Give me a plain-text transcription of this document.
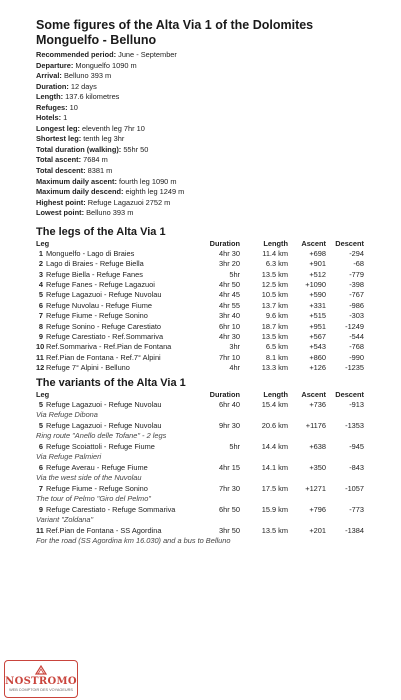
Some figures of the Alta Via 1 of the Dolomites
Monguelfo - Belluno
Recommended period: June - September
Departure: Monguelfo 1090 m
Arrival: Belluno 393 m
Duration: 12 days
Length: 137.6 kilometres
Refuges: 10
Hotels: 1
Longest leg: eleventh leg 7hr 10
Shortest leg: tenth leg 3hr
Total duration (walking): 55hr 50
Total ascent: 7684 m
Total descent: 8381 m
Maximum daily ascent: fourth leg 1090 m
Maximum daily descend: eighth leg 1249 m
Highest point: Refuge Lagazuoi 2752 m
Lowest point: Belluno 393 m
The legs of the Alta Via 1
Leg		Duration	Length	Ascent	Descent
1	Monguelfo - Lago di Braies	4hr 30	11.4 km	+698	-294
2	Lago di Braies - Refuge Biella	3hr 20	6.3 km	+901	-68
3	Refuge Biella - Refuge Fanes	5hr	13.5 km	+512	-779
4	Refuge Fanes - Refuge Lagazuoi	4hr 50	12.5 km	+1090	-398
5	Refuge Lagazuoi - Refuge Nuvolau	4hr 45	10.5 km	+590	-767
6	Refuge Nuvolau - Refuge Fiume	4hr 55	13.7 km	+331	-986
7	Refuge Fiume - Refuge Sonino	3hr 40	9.6 km	+515	-303
8	Refuge Sonino - Refuge Carestiato	6hr 10	18.7 km	+951	-1249
9	Refuge Carestiato - Ref.Sommariva	4hr 30	13.5 km	+567	-544
10	Ref.Sommariva - Ref.Pian de Fontana	3hr	6.5 km	+543	-768
11	Ref.Pian de Fontana - Ref.7° Alpini	7hr 10	8.1 km	+860	-990
12	Refuge 7° Alpini - Belluno	4hr	13.3 km	+126	-1235
The variants of the Alta Via 1
Leg		Duration	Length	Ascent	Descent
5	Refuge Lagazuoi - Refuge Nuvolau	6hr 40	15.4 km	+736	-913
Via Refuge Dibona					
5	Refuge Lagazuoi - Refuge Nuvolau	9hr 30	20.6 km	+1176	-1353
Ring route "Anello delle Tofane" - 2 legs					
6	Refuge Scoiattoli - Refuge Fiume	5hr	14.4 km	+638	-945
Via Refuge Palmieri					
6	Refuge Averau - Refuge Fiume	4hr 15	14.1 km	+350	-843
Via the west side of the Nuvolau					
7	Refuge Fiume - Refuge Sonino	7hr 30	17.5 km	+1271	-1057
The tour of Pelmo "Giro del Pelmo"					
9	Refuge Carestiato - Refuge Sommariva	6hr 50	15.9 km	+796	-773
Variant "Zoldana"					
11	Ref.Pian de Fontana - SS Agordina	3hr 50	13.5 km	+201	-1384
For the road (SS Agordina km 16.030) and a bus to Belluno					
NOSTROMO
WEB COMPTOIR DES VOYAGEURS
